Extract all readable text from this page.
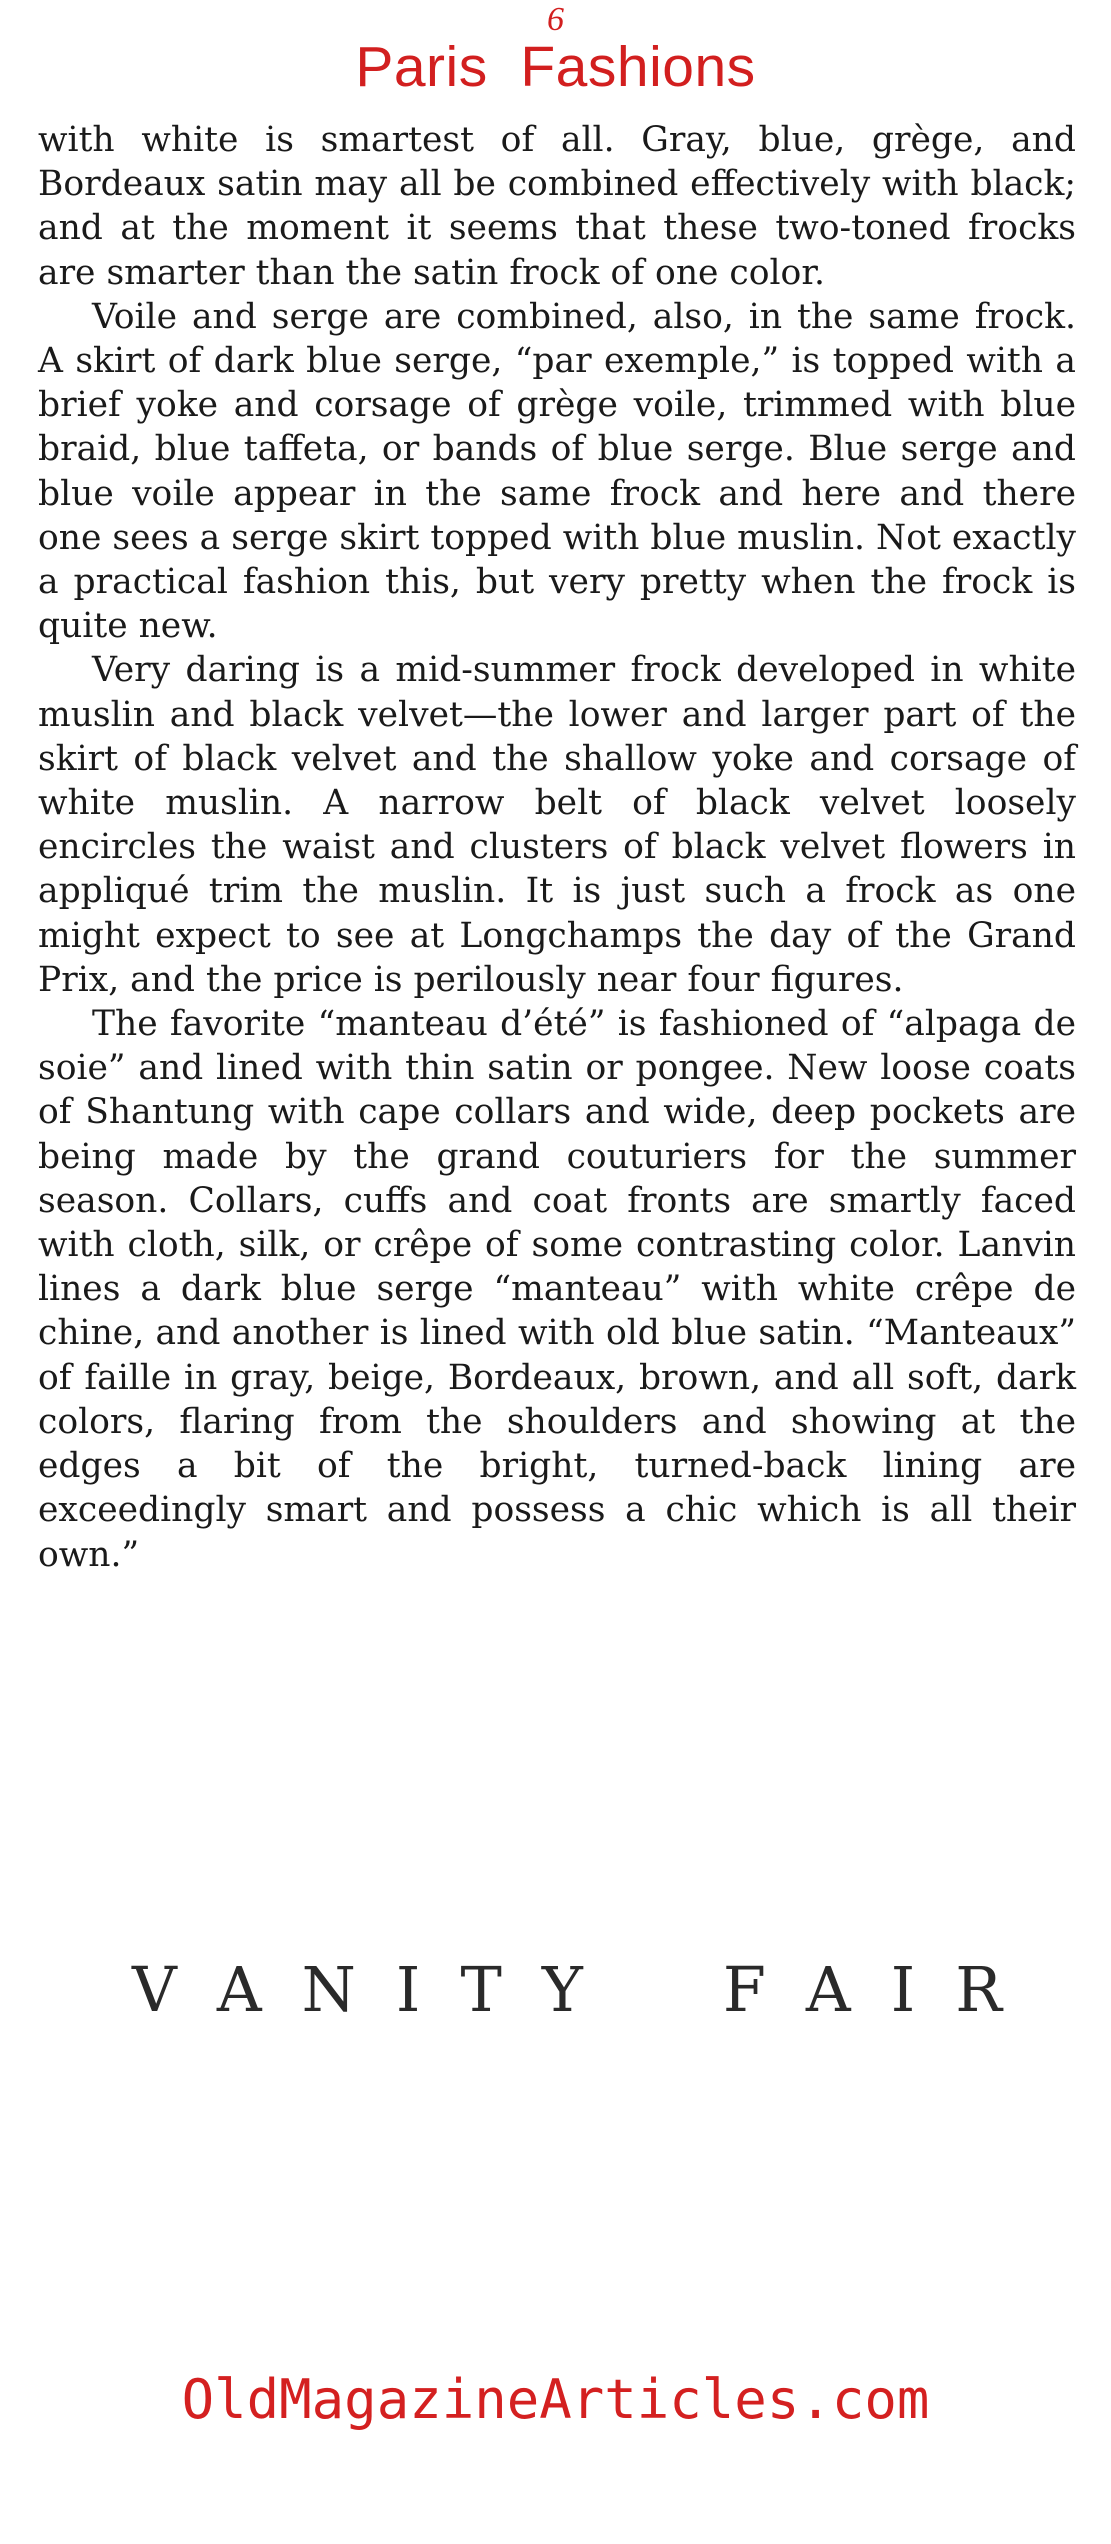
6
Paris  Fashions

with white is smartest of all. Gray, blue, grège, and Bordeaux satin may all be combined effectively with black; and at the moment it seems that these two-toned frocks are smarter than the satin frock of one color.

Voile and serge are combined, also, in the same frock. A skirt of dark blue serge, “par exemple,” is topped with a brief yoke and corsage of grège voile, trimmed with blue braid, blue taffeta, or bands of blue serge. Blue serge and blue voile appear in the same frock and here and there one sees a serge skirt topped with blue muslin. Not exactly a practical fashion this, but very pretty when the frock is quite new.

Very daring is a mid-summer frock developed in white muslin and black velvet—the lower and larger part of the skirt of black velvet and the shallow yoke and corsage of white muslin. A narrow belt of black velvet loosely encircles the waist and clusters of black velvet flowers in appliqué trim the muslin. It is just such a frock as one might expect to see at Longchamps the day of the Grand Prix, and the price is perilously near four figures.

The favorite “manteau d’été” is fashioned of “alpaga de soie” and lined with thin satin or pongee. New loose coats of Shantung with cape collars and wide, deep pockets are being made by the grand couturiers for the summer season. Collars, cuffs and coat fronts are smartly faced with cloth, silk, or crêpe of some contrasting color. Lanvin lines a dark blue serge “manteau” with white crêpe de chine, and another is lined with old blue satin. “Manteaux” of faille in gray, beige, Bordeaux, brown, and all soft, dark colors, flaring from the shoulders and showing at the edges a bit of the bright, turned-back lining are exceedingly smart and possess a chic which is all their own.”

V A N I T Y F A I R
OldMagazineArticles.com
